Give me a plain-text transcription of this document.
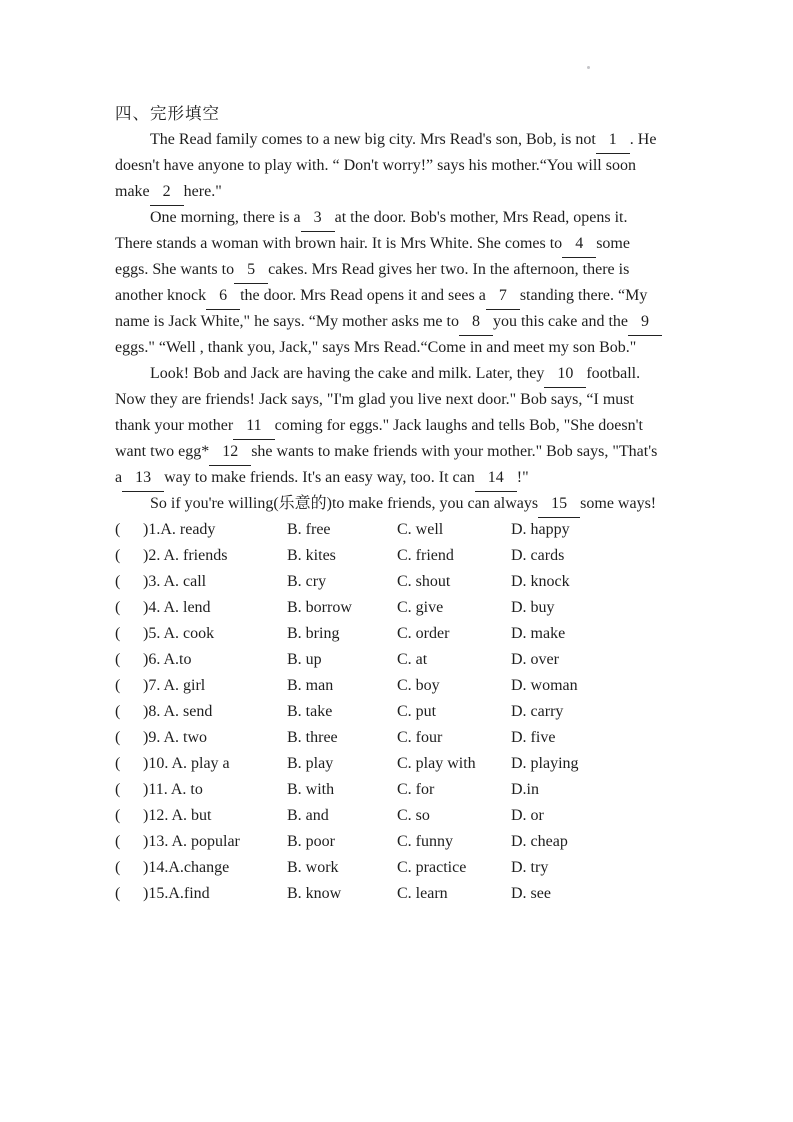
四、完形填空
The Read family comes to a new big city. Mrs Read's son, Bob, is not 1 . He
doesn't have anyone to play with. “ Don't worry!” says his mother.“You will soon
make 2 here."
One morning, there is a 3 at the door. Bob's mother, Mrs Read, opens it.
There stands a woman with brown hair. It is Mrs White. She comes to 4 some
eggs. She wants to 5 cakes. Mrs Read gives her two. In the afternoon, there is
another knock 6 the door. Mrs Read opens it and sees a 7 standing there. “My
name is Jack White," he says. “My mother asks me to 8 you this cake and the 9
eggs." “Well , thank you, Jack," says Mrs Read.“Come in and meet my son Bob."
Look! Bob and Jack are having the cake and milk. Later, they 10 football.
Now they are friends! Jack says, "I'm glad you live next door." Bob says, “I must
thank your mother 11 coming for eggs." Jack laughs and tells Bob, "She doesn't
want two egg* 12 she wants to make friends with your mother." Bob says, "That's
a 13 way to make friends. It's an easy way, too. It can 14 !"
So if you're willing(乐意的)to make friends, you can always 15 some ways!
(	)1.A. ready	B. free	C. well	D. happy
(	)2. A. friends	B. kites	C. friend	D. cards
(	)3. A. call	B. cry	C. shout	D. knock
(	)4. A. lend	B. borrow	C. give	D. buy
(	)5. A. cook	B. bring	C. order	D. make
(	)6. A.to	B. up	C. at	D. over
(	)7. A. girl	B. man	C. boy	D. woman
(	)8. A. send	B. take	C. put	D. carry
(	)9. A. two	B. three	C. four	D. five
(	)10. A. play a	B. play	C. play with	D. playing
(	)11. A. to	B. with	C. for	D.in
(	)12. A. but	B. and	C. so	D. or
(	)13. A. popular	B. poor	C. funny	D. cheap
(	)14.A.change	B. work	C. practice	D. try
(	)15.A.find	B. know	C. learn	D. see
